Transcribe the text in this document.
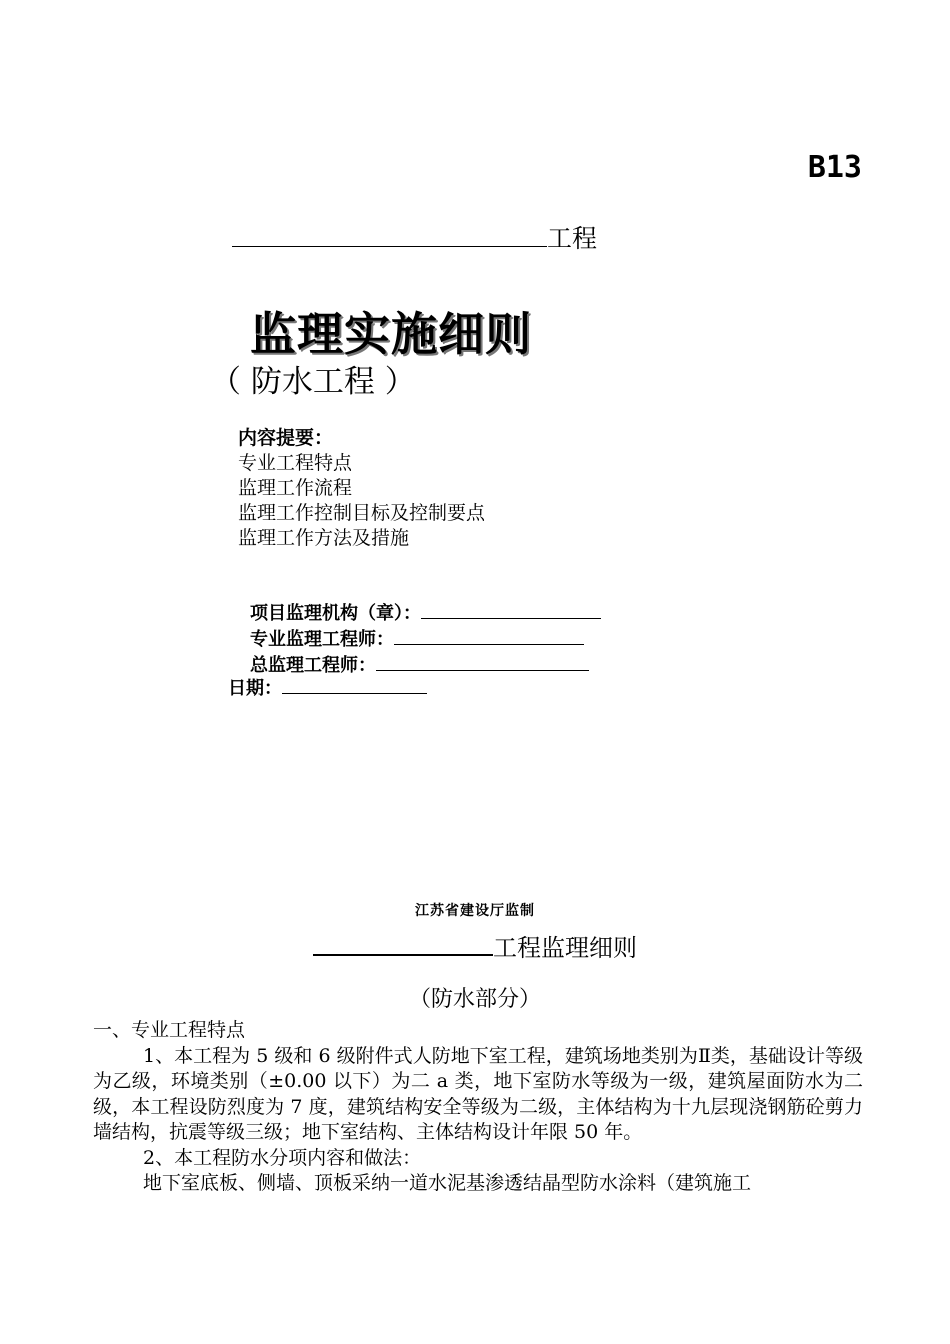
B13
工程
监理实施细则
（ 防水工程 ）
内容提要：
专业工程特点
监理工作流程
监理工作控制目标及控制要点
监理工作方法及措施
项目监理机构（章）：
专业监理工程师：
总监理工程师：
日期：
江苏省建设厅监制
工程监理细则
（防水部分）

一、专业工程特点

1、本工程为 5 级和 6 级附件式人防地下室工程，建筑场地类别为Ⅱ类，基础设计等级为乙级，环境类别（±0.00 以下）为二 a 类，地下室防水等级为一级，建筑屋面防水为二级，本工程设防烈度为 7 度，建筑结构安全等级为二级，主体结构为十九层现浇钢筋砼剪力墙结构，抗震等级三级；地下室结构、主体结构设计年限 50 年。

2、本工程防水分项内容和做法：

地下室底板、侧墙、顶板采纳一道水泥基渗透结晶型防水涂料（建筑施工
